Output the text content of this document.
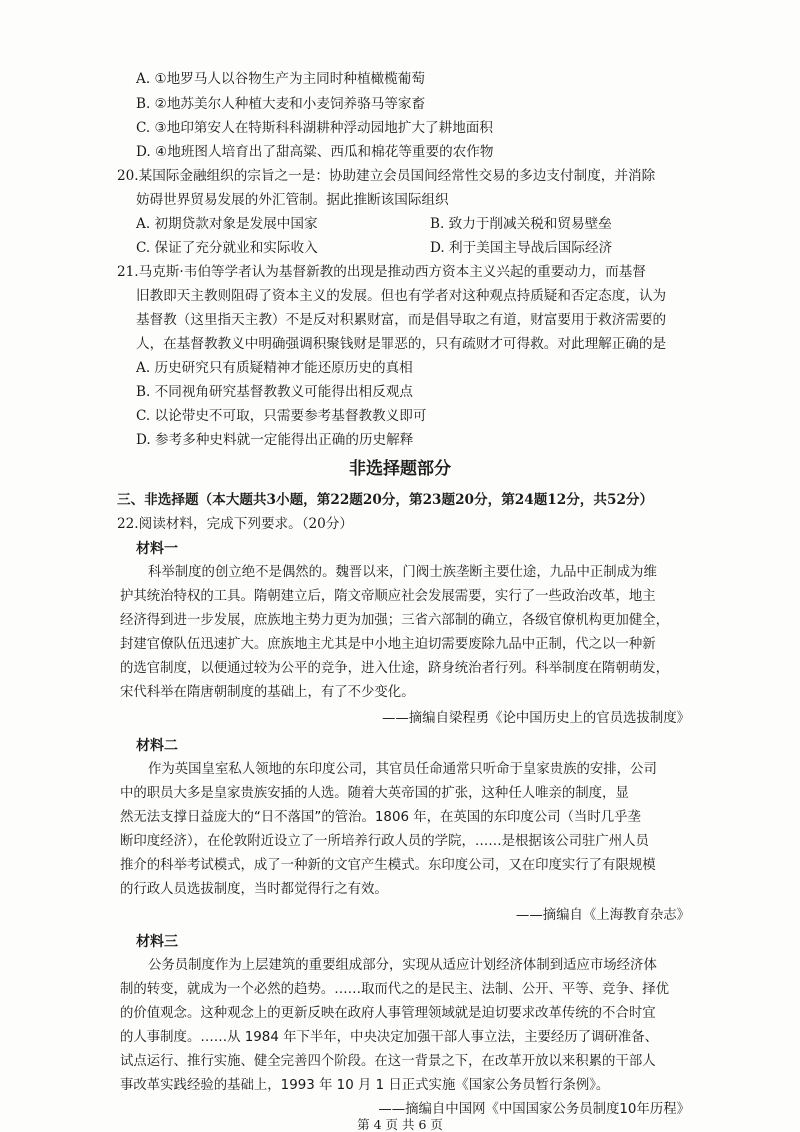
A. ①地罗马人以谷物生产为主同时种植橄榄葡萄
B. ②地苏美尔人种植大麦和小麦饲养骆马等家畜
C. ③地印第安人在特斯科科湖耕种浮动园地扩大了耕地面积
D. ④地班图人培育出了甜高粱、西瓜和棉花等重要的农作物
20.某国际金融组织的宗旨之一是：协助建立会员国间经常性交易的多边支付制度，并消除
妨碍世界贸易发展的外汇管制。据此推断该国际组织
A. 初期贷款对象是发展中国家	B. 致力于削减关税和贸易壁垒
C. 保证了充分就业和实际收入	D. 利于美国主导战后国际经济
21.马克斯·韦伯等学者认为基督新教的出现是推动西方资本主义兴起的重要动力，而基督
旧教即天主教则阻碍了资本主义的发展。但也有学者对这种观点持质疑和否定态度，认为
基督教（这里指天主教）不是反对积累财富，而是倡导取之有道，财富要用于救济需要的
人，在基督教教义中明确强调积聚钱财是罪恶的，只有疏财才可得救。对此理解正确的是
A. 历史研究只有质疑精神才能还原历史的真相
B. 不同视角研究基督教教义可能得出相反观点
C. 以论带史不可取，只需要参考基督教教义即可
D. 参考多种史料就一定能得出正确的历史解释
非选择题部分
三、非选择题（本大题共3小题，第22题20分，第23题20分，第24题12分，共52分）
22.阅读材料，完成下列要求。（20分）
材料一
科举制度的创立绝不是偶然的。魏晋以来，门阀士族垄断主要仕途，九品中正制成为维
护其统治特权的工具。隋朝建立后，隋文帝顺应社会发展需要，实行了一些政治改革，地主
经济得到进一步发展，庶族地主势力更为加强；三省六部制的确立，各级官僚机构更加健全，
封建官僚队伍迅速扩大。庶族地主尤其是中小地主迫切需要废除九品中正制，代之以一种新
的选官制度，以便通过较为公平的竞争，进入仕途，跻身统治者行列。科举制度在隋朝萌发，
宋代科举在隋唐朝制度的基础上，有了不少变化。
——摘编自梁程勇《论中国历史上的官员选拔制度》
材料二
作为英国皇室私人领地的东印度公司，其官员任命通常只听命于皇家贵族的安排，公司
中的职员大多是皇家贵族安插的人选。随着大英帝国的扩张，这种任人唯亲的制度，显
然无法支撑日益庞大的“日不落国”的管治。1806 年，在英国的东印度公司（当时几乎垄
断印度经济），在伦敦附近设立了一所培养行政人员的学院，……是根据该公司驻广州人员
推介的科举考试模式，成了一种新的文官产生模式。东印度公司，又在印度实行了有限规模
的行政人员选拔制度，当时都觉得行之有效。
——摘编自《上海教育杂志》
材料三
公务员制度作为上层建筑的重要组成部分，实现从适应计划经济体制到适应市场经济体
制的转变，就成为一个必然的趋势。……取而代之的是民主、法制、公开、平等、竞争、择优
的价值观念。这种观念上的更新反映在政府人事管理领域就是迫切要求改革传统的不合时宜
的人事制度。……从 1984 年下半年，中央决定加强干部人事立法，主要经历了调研准备、
试点运行、推行实施、健全完善四个阶段。在这一背景之下，在改革开放以来积累的干部人
事改革实践经验的基础上，1993 年 10 月 1 日正式实施《国家公务员暂行条例》。
——摘编自中国网《中国国家公务员制度10年历程》
第 4 页 共 6 页
